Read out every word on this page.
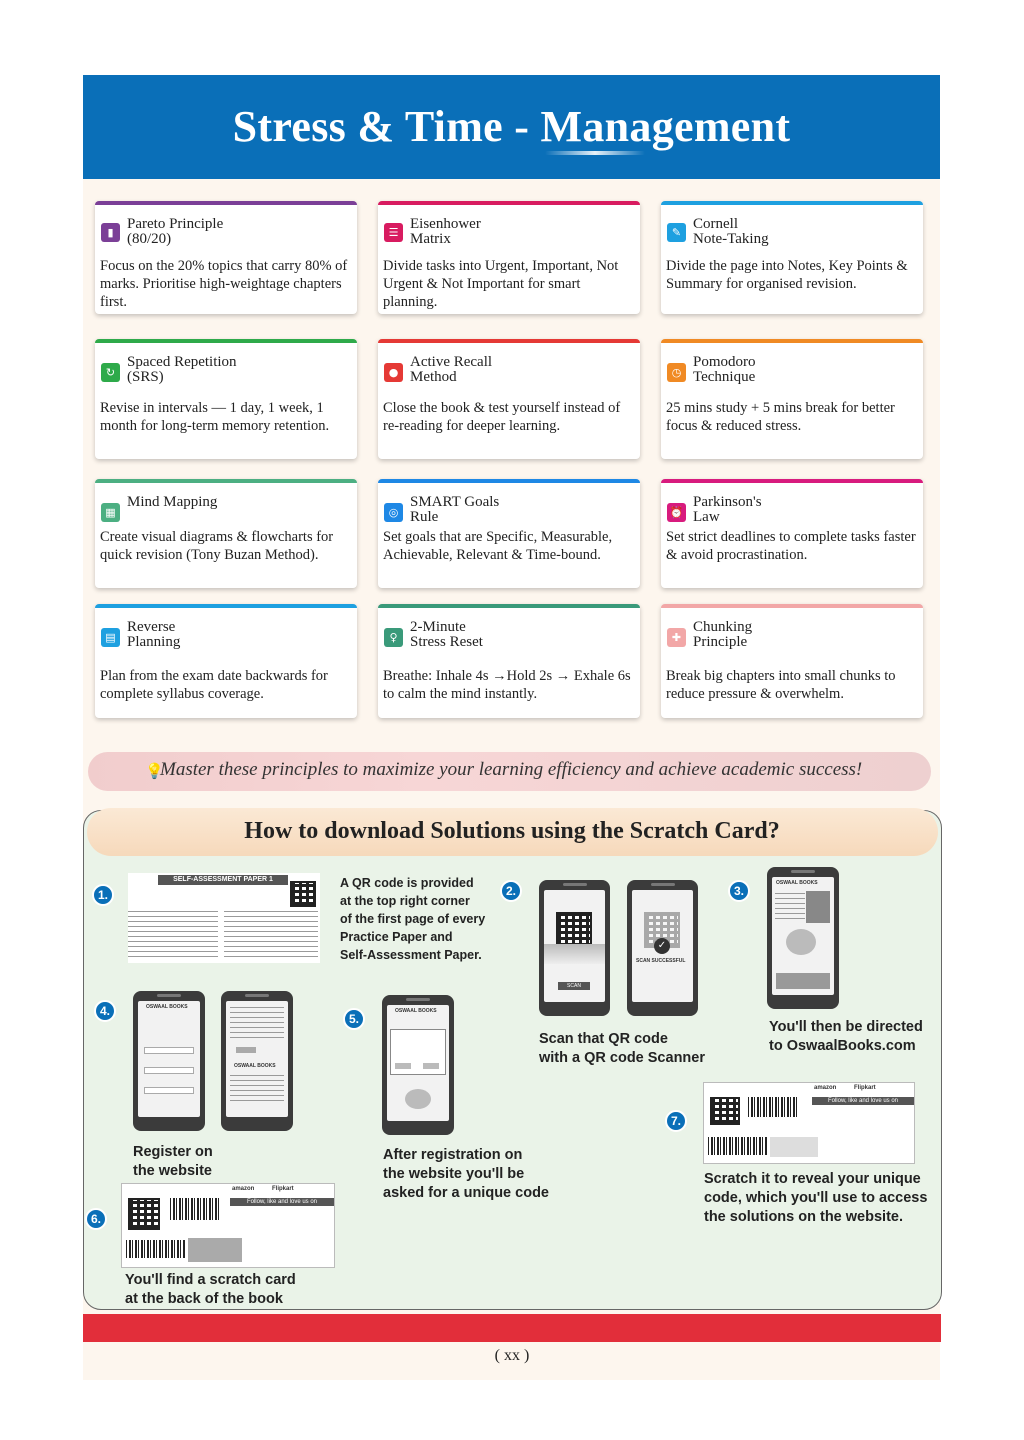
Stress & Time - Management
▮
Pareto Principle
(80/20)
Focus on the 20% topics that carry 80% of marks. Prioritise high-weightage chapters first.
☰
Eisenhower
Matrix
Divide tasks into Urgent, Important, Not Urgent & Not Important for smart planning.
✎
Cornell
Note-Taking
Divide the page into Notes, Key Points & Summary for organised revision.
↻
Spaced Repetition
(SRS)
Revise in intervals — 1 day, 1 week, 1 month for long-term memory retention.
●
Active Recall
Method
Close the book & test yourself instead of re-reading for deeper learning.
◷
Pomodoro
Technique
25 mins study + 5 mins break for better focus & reduced stress.
▦
Mind Mapping
Create visual diagrams & flowcharts for quick revision (Tony Buzan Method).
◎
SMART Goals
Rule
Set goals that are Specific, Measurable, Achievable, Relevant & Time-bound.
⏰
Parkinson's
Law
Set strict deadlines to complete tasks faster & avoid procrastination.
▤
Reverse
Planning
Plan from the exam date backwards for complete syllabus coverage.
♀
2-Minute
Stress Reset
Breathe: Inhale 4s →Hold 2s → Exhale 6s to calm the mind instantly.
✚
Chunking
Principle
Break big chapters into small chunks to reduce pressure & overwhelm.
💡
Master these principles to maximize your learning efficiency and achieve academic success!
How to download Solutions using the Scratch Card?
1.
SELF-ASSESSMENT PAPER 1	A QR code is provided
at the top right corner
of the first page of every
Practice Paper and
Self-Assessment Paper.
2.
SCAN
✓
SCAN SUCCESSFUL
Scan that QR code
with a QR code Scanner
3.
OSWAAL BOOKS
You'll then be directed
to OswaalBooks.com
4.	OSWAAL BOOKS
OSWAAL BOOKS
Register on
the website
5.
OSWAAL BOOKS
After registration on
the website you'll be
asked for a unique code
6.
amazon	Flipkart
Follow, like and love us on
You'll find a scratch card
at the back of the book
7.
amazon	Flipkart
Follow, like and love us on
Scratch it to reveal your unique
code, which you'll use to access
the solutions on the website.
( xx )
